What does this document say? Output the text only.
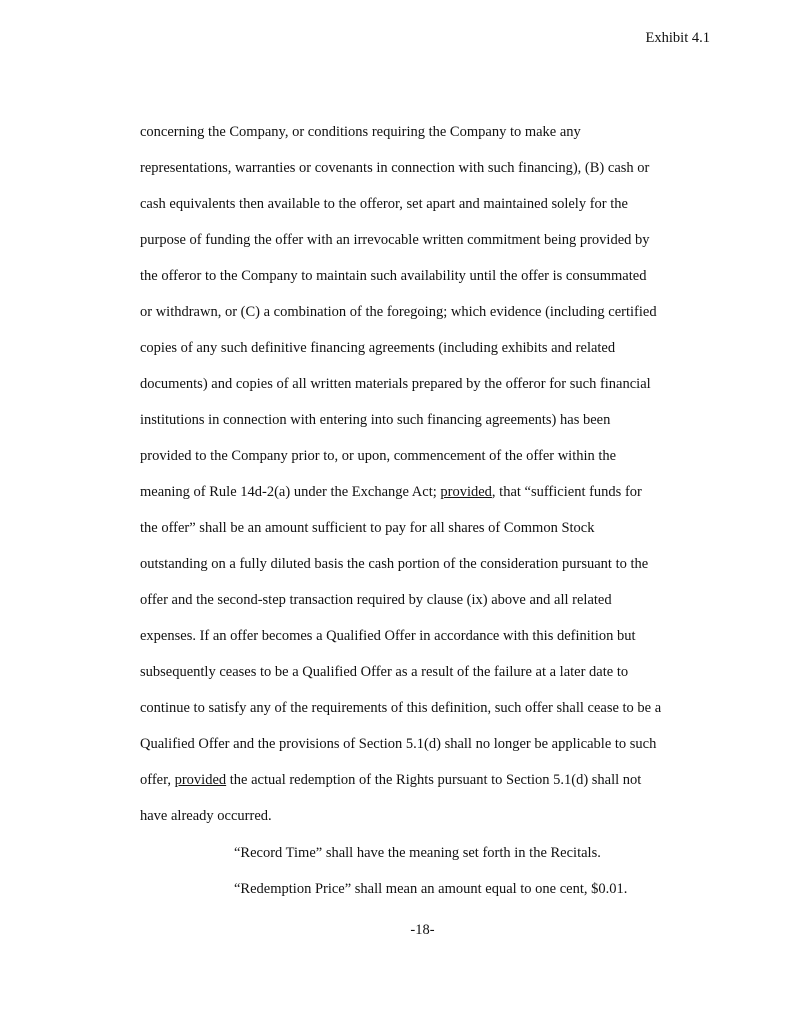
Exhibit 4.1
concerning the Company, or conditions requiring the Company to make any
representations, warranties or covenants in connection with such financing), (B) cash or
cash equivalents then available to the offeror, set apart and maintained solely for the
purpose of funding the offer with an irrevocable written commitment being provided by
the offeror to the Company to maintain such availability until the offer is consummated
or withdrawn, or (C) a combination of the foregoing; which evidence (including certified
copies of any such definitive financing agreements (including exhibits and related
documents) and copies of all written materials prepared by the offeror for such financial
institutions in connection with entering into such financing agreements) has been
provided to the Company prior to, or upon, commencement of the offer within the
meaning of Rule 14d-2(a) under the Exchange Act; provided, that “sufficient funds for
the offer” shall be an amount sufficient to pay for all shares of Common Stock
outstanding on a fully diluted basis the cash portion of the consideration pursuant to the
offer and the second-step transaction required by clause (ix) above and all related
expenses. If an offer becomes a Qualified Offer in accordance with this definition but
subsequently ceases to be a Qualified Offer as a result of the failure at a later date to
continue to satisfy any of the requirements of this definition, such offer shall cease to be a
Qualified Offer and the provisions of Section 5.1(d) shall no longer be applicable to such
offer, provided the actual redemption of the Rights pursuant to Section 5.1(d) shall not
have already occurred.
“Record Time” shall have the meaning set forth in the Recitals.
“Redemption Price” shall mean an amount equal to one cent, $0.01.
-18-
